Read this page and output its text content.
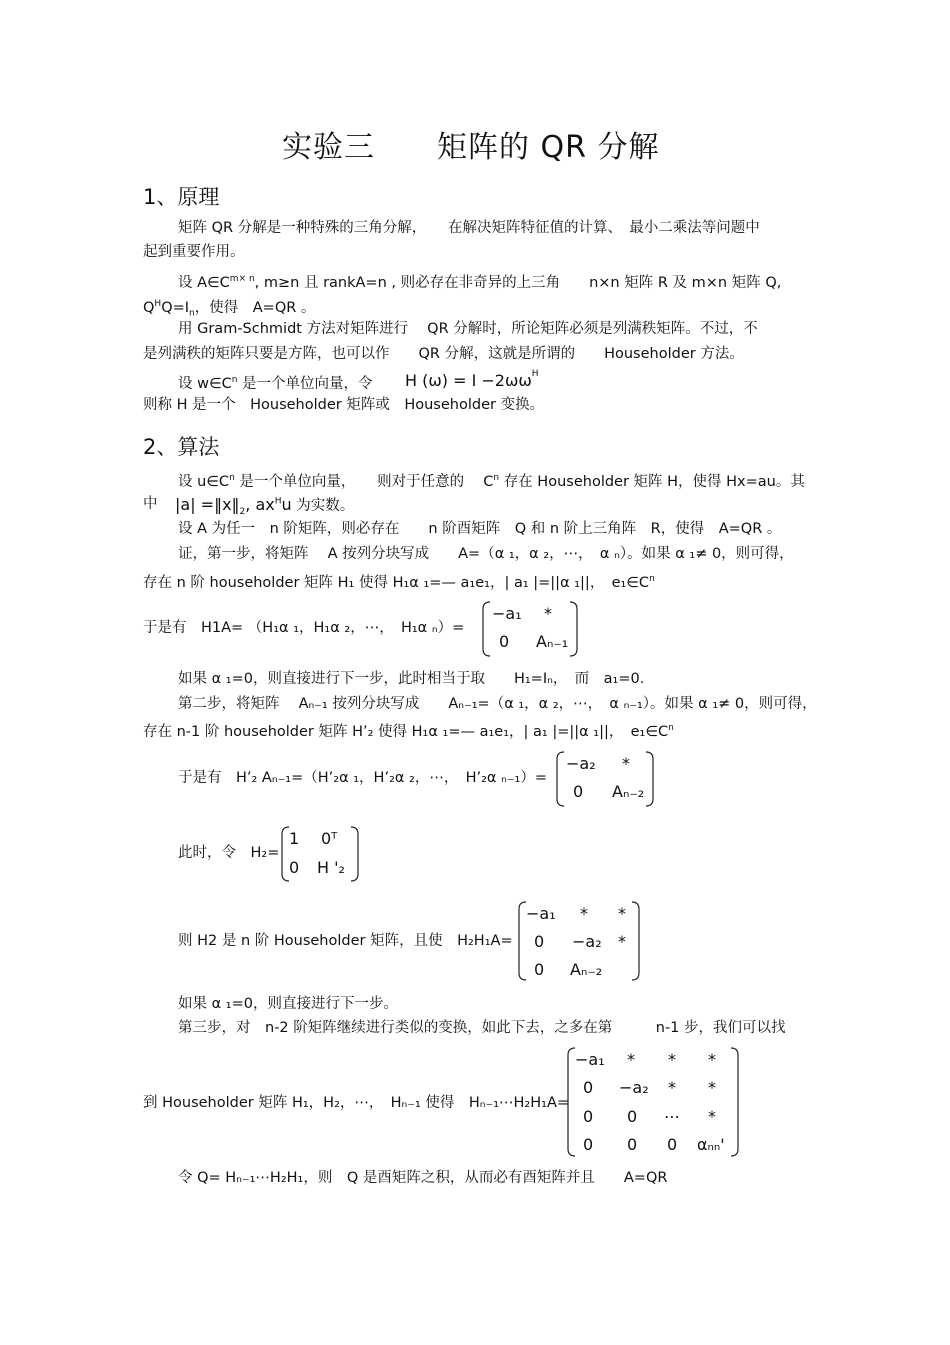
实验三　　矩阵的 QR 分解
1、原理
矩阵 QR 分解是一种特殊的三角分解，　　在解决矩阵特征值的计算、　最小二乘法等问题中
起到重要作用。
设 $A\in C^{m\times n}$, m≥n 且 rankA=n , 则必存在非奇异的上三角　　n×n 矩阵 R 及 m×n 矩阵 Q,
$Q^HQ=I_n$，使得　A=QR 。
用 Gram-Schmidt 方法对矩阵进行　 QR 分解时，所论矩阵必须是列满秩矩阵。不过，不
是列满秩的矩阵只要是方阵，也可以作　　QR 分解，这就是所谓的　　Householder 方法。
设 $w\in C^n$ 是一个单位向量，令 H $(\omega) = I -2\omega\omega^H$
则称 H 是一个　Householder 矩阵或　Householder 变换。
2、算法
设 $u\in C^n$ 是一个单位向量，　　则对于任意的　 $C^n$ 存在 Householder 矩阵 H，使得 Hx=au。其
中 $|a| =‖x‖_2$, $ax^Hu$ 为实数。
设 A 为任一　n 阶矩阵，则必存在　　n 阶酉矩阵　Q 和 n 阶上三角阵　R，使得　A=QR 。
证，第一步，将矩阵　 A 按列分块写成　　A=（α ₁，α ₂，⋯，　α ₙ）。如果 α ₁≠ 0，则可得，
存在 n 阶 householder 矩阵 H₁ 使得 H₁α ₁=— a₁e₁，| a₁ |=||α ₁||，　$e_1\in C^n$
于是有　H1A= （H₁α ₁，H₁α ₂，⋯，　H₁α ₙ）=
−a₁ *
0 Aₙ₋₁
如果 α ₁=0，则直接进行下一步，此时相当于取　　H₁=Iₙ，　而　a₁=0.
第二步，将矩阵　 Aₙ₋₁ 按列分块写成　　Aₙ₋₁=（α ₁，α ₂，⋯，　α ₙ₋₁）。如果 α ₁≠ 0，则可得，
存在 n-1 阶 householder 矩阵 H’₂ 使得 H₁α ₁=— a₁e₁，| a₁ |=||α ₁||，　$e_1\in C^n$
于是有　H’₂ Aₙ₋₁=（H’₂α ₁，H’₂α ₂，⋯，　H’₂α ₙ₋₁）=
−a₂ *
0 Aₙ₋₂
此时，令　H₂=
1 0ᵀ
0 H '₂
则 H2 是 n 阶 Householder 矩阵，且使　H₂H₁A=
−a₁ * *
0 −a₂ *
0 Aₙ₋₂
如果 α ₁=0，则直接进行下一步。
第三步，对　n-2 阶矩阵继续进行类似的变换，如此下去，之多在第　　　n-1 步，我们可以找
到 Householder 矩阵 H₁，H₂，⋯，　Hₙ₋₁ 使得　Hₙ₋₁⋯H₂H₁A=
−a₁ * * *
0 −a₂ * *
0 0 ⋯ *
0 0 0 αₙₙ'
令 Q= Hₙ₋₁⋯H₂H₁，则　Q 是酉矩阵之积，从而必有酉矩阵并且　　A=QR
